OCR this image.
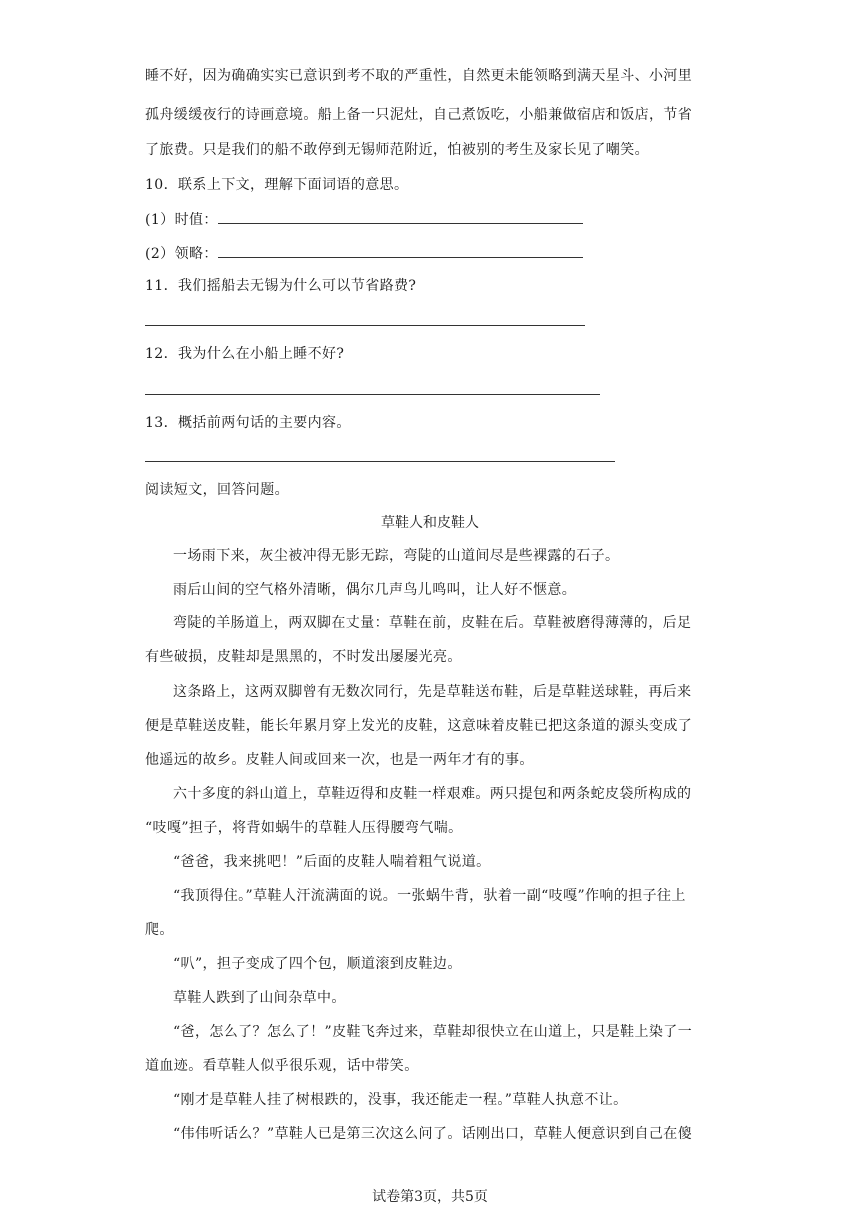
睡不好，因为确确实实已意识到考不取的严重性，自然更未能领略到满天星斗、小河里
孤舟缓缓夜行的诗画意境。船上备一只泥灶，自己煮饭吃，小船兼做宿店和饭店，节省
了旅费。只是我们的船不敢停到无锡师范附近，怕被别的考生及家长见了嘲笑。
10．联系上下文，理解下面词语的意思。
(1）时值：
(2）领略：
11．我们摇船去无锡为什么可以节省路费?
12．我为什么在小船上睡不好?
13．概括前两句话的主要内容。
阅读短文，回答问题。
草鞋人和皮鞋人
一场雨下来，灰尘被冲得无影无踪，弯陡的山道间尽是些裸露的石子。
雨后山间的空气格外清晰，偶尔几声鸟儿鸣叫，让人好不惬意。
弯陡的羊肠道上，两双脚在丈量：草鞋在前，皮鞋在后。草鞋被磨得薄薄的，后足
有些破损，皮鞋却是黑黑的，不时发出屡屡光亮。
这条路上，这两双脚曾有无数次同行，先是草鞋送布鞋，后是草鞋送球鞋，再后来
便是草鞋送皮鞋，能长年累月穿上发光的皮鞋，这意味着皮鞋已把这条道的源头变成了
他遥远的故乡。皮鞋人间或回来一次，也是一两年才有的事。
六十多度的斜山道上，草鞋迈得和皮鞋一样艰难。两只提包和两条蛇皮袋所构成的
“吱嘎”担子，将背如蜗牛的草鞋人压得腰弯气喘。
“爸爸，我来挑吧！”后面的皮鞋人喘着粗气说道。
“我顶得住。”草鞋人汗流满面的说。一张蜗牛背，驮着一副“吱嘎”作响的担子往上
爬。
“叭”，担子变成了四个包，顺道滚到皮鞋边。
草鞋人跌到了山间杂草中。
“爸，怎么了？怎么了！”皮鞋飞奔过来，草鞋却很快立在山道上，只是鞋上染了一
道血迹。看草鞋人似乎很乐观，话中带笑。
“刚才是草鞋人挂了树根跌的，没事，我还能走一程。”草鞋人执意不让。
“伟伟听话么？”草鞋人已是第三次这么问了。话刚出口，草鞋人便意识到自己在傻
试卷第3页，共5页
